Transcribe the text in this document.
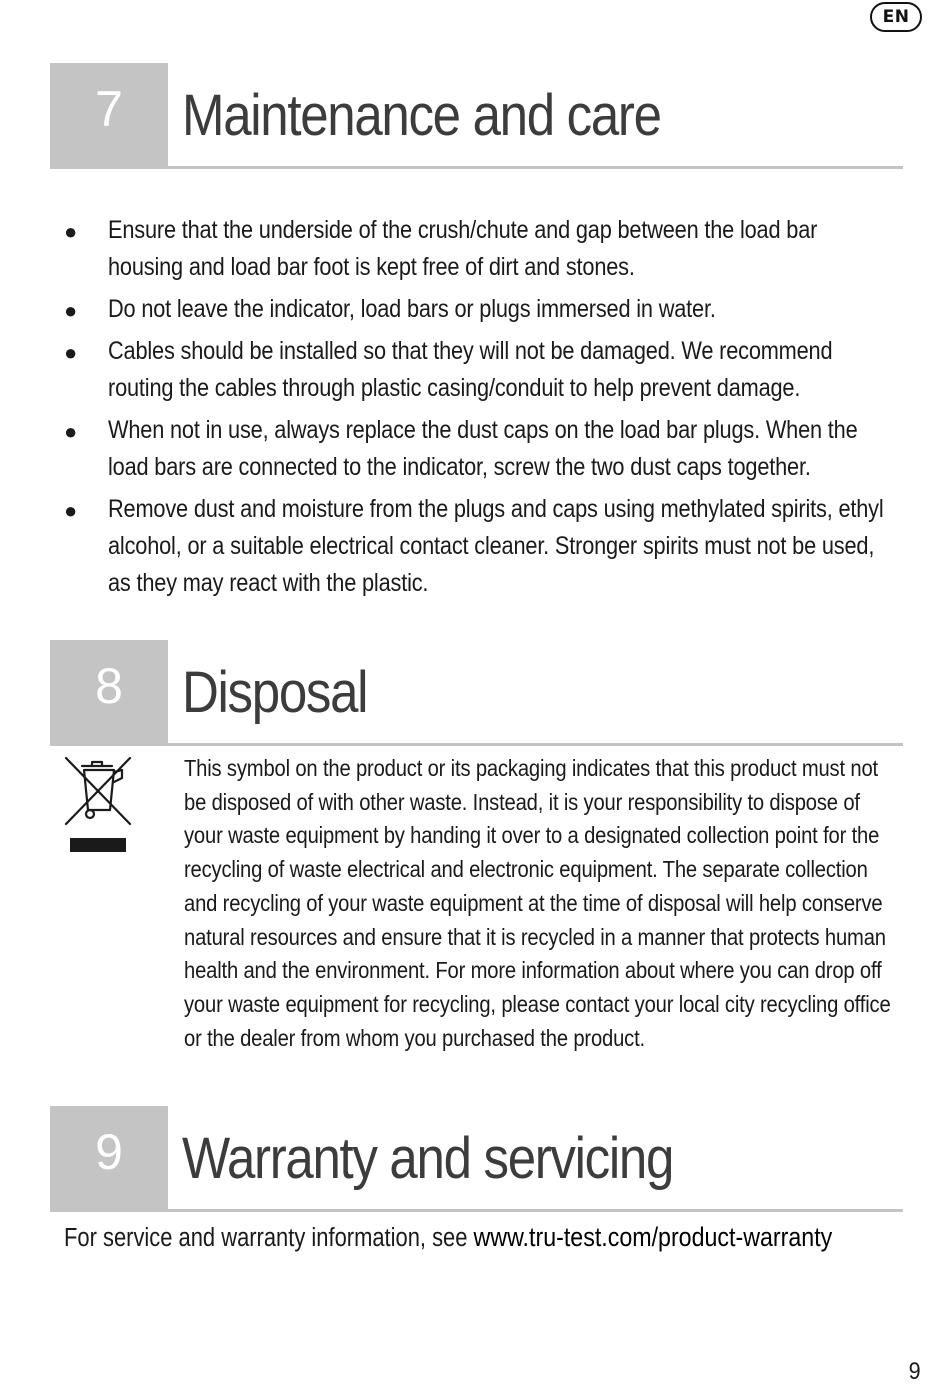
EN
7	Maintenance and care
● Ensure that the underside of the crush/chute and gap between the load bar housing and load bar foot is kept free of dirt and stones.
● Do not leave the indicator, load bars or plugs immersed in water.
● Cables should be installed so that they will not be damaged. We recommend routing the cables through plastic casing/conduit to help prevent damage.
● When not in use, always replace the dust caps on the load bar plugs. When the load bars are connected to the indicator, screw the two dust caps together.
● Remove dust and moisture from the plugs and caps using methylated spirits, ethyl alcohol, or a suitable electrical contact cleaner. Stronger spirits must not be used, as they may react with the plastic.
8	Disposal
This symbol on the product or its packaging indicates that this product must not be disposed of with other waste. Instead, it is your responsibility to dispose of your waste equipment by handing it over to a designated collection point for the recycling of waste electrical and electronic equipment. The separate collection and recycling of your waste equipment at the time of disposal will help conserve natural resources and ensure that it is recycled in a manner that protects human health and the environment. For more information about where you can drop off your waste equipment for recycling, please contact your local city recycling office or the dealer from whom you purchased the product.
9	Warranty and servicing
For service and warranty information, see www.tru-test.com/product-warranty
9
